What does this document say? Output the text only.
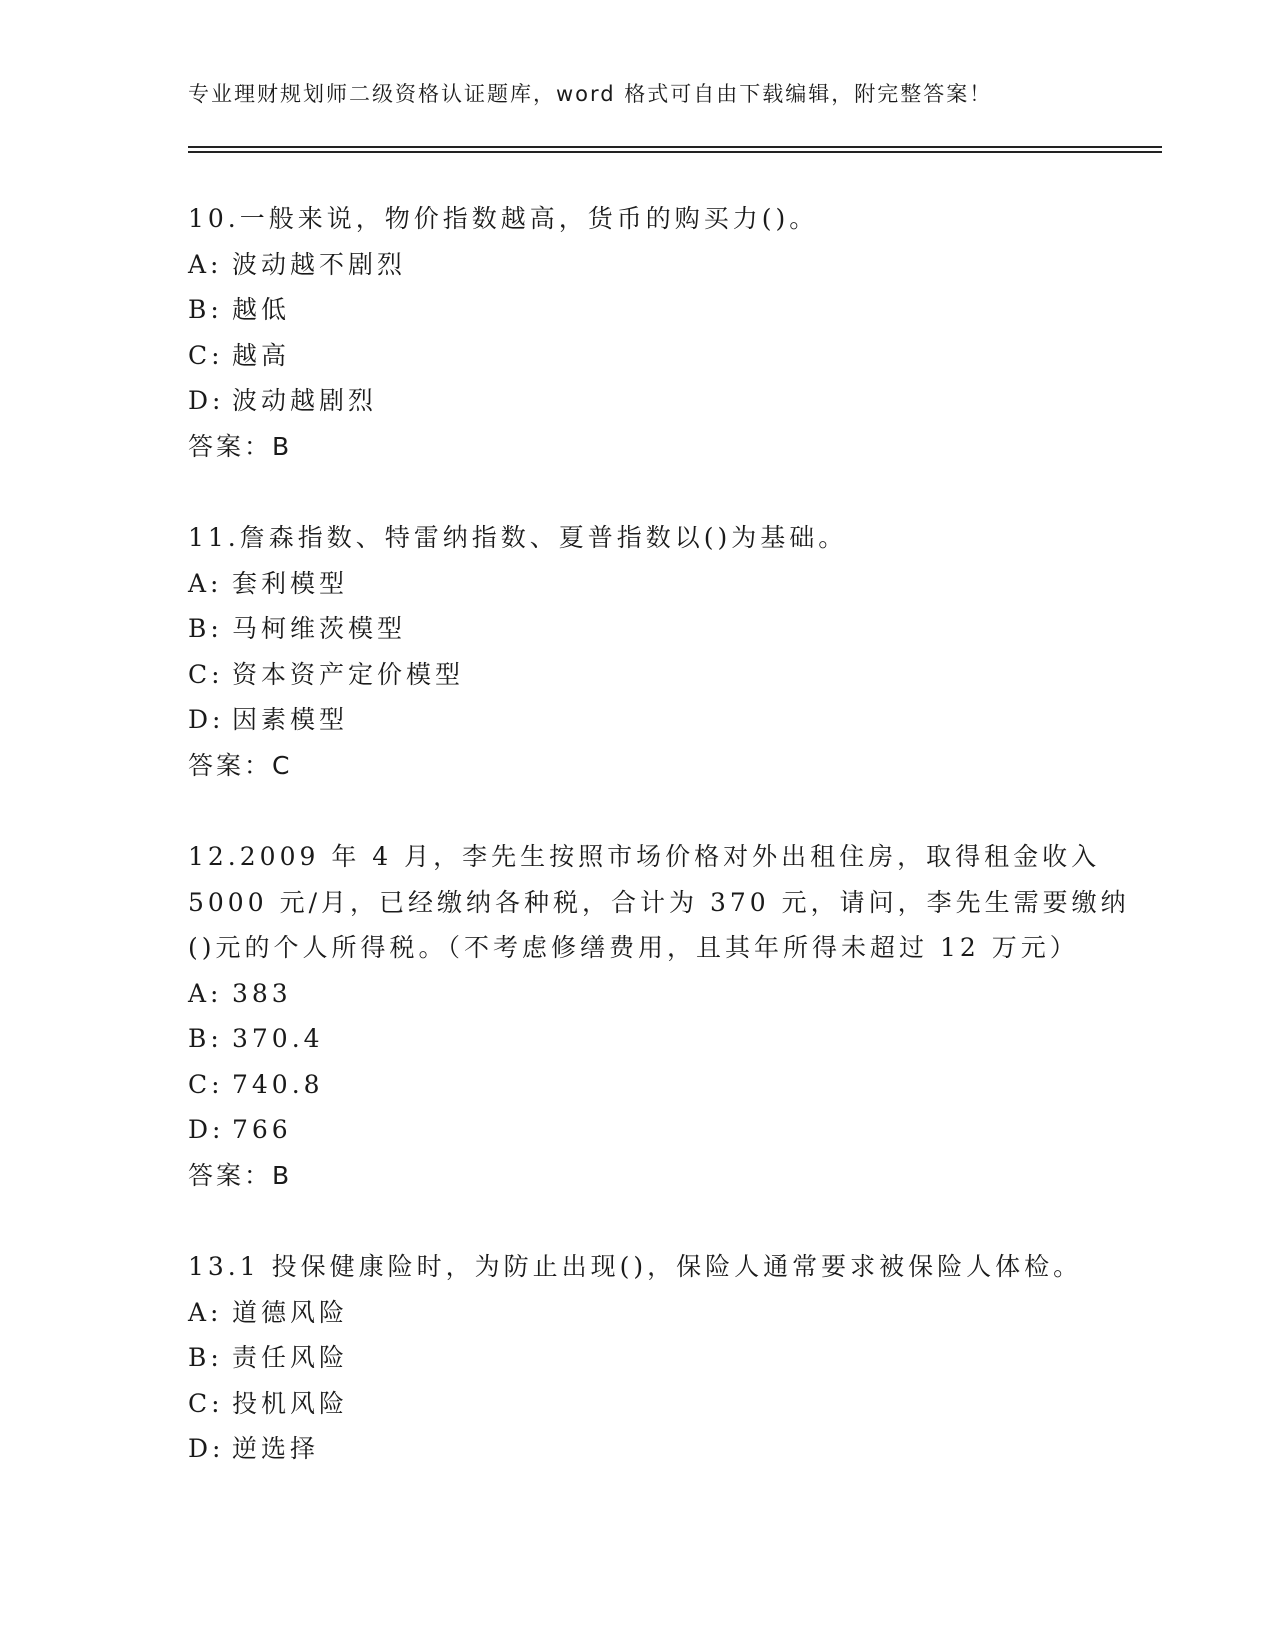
专业理财规划师二级资格认证题库，word 格式可自由下载编辑，附完整答案！
10.一般来说，物价指数越高，货币的购买力()。
A: 波动越不剧烈
B: 越低
C: 越高
D: 波动越剧烈
答案：B
11.詹森指数、特雷纳指数、夏普指数以()为基础。
A: 套利模型
B: 马柯维茨模型
C: 资本资产定价模型
D: 因素模型
答案：C
12.2009 年 4 月，李先生按照市场价格对外出租住房，取得租金收入
5000 元/月，已经缴纳各种税，合计为 370 元，请问，李先生需要缴纳
()元的个人所得税。（不考虑修缮费用，且其年所得未超过 12 万元）
A: 383
B: 370.4
C: 740.8
D: 766
答案：B
13.1 投保健康险时，为防止出现()，保险人通常要求被保险人体检。
A: 道德风险
B: 责任风险
C: 投机风险
D: 逆选择
